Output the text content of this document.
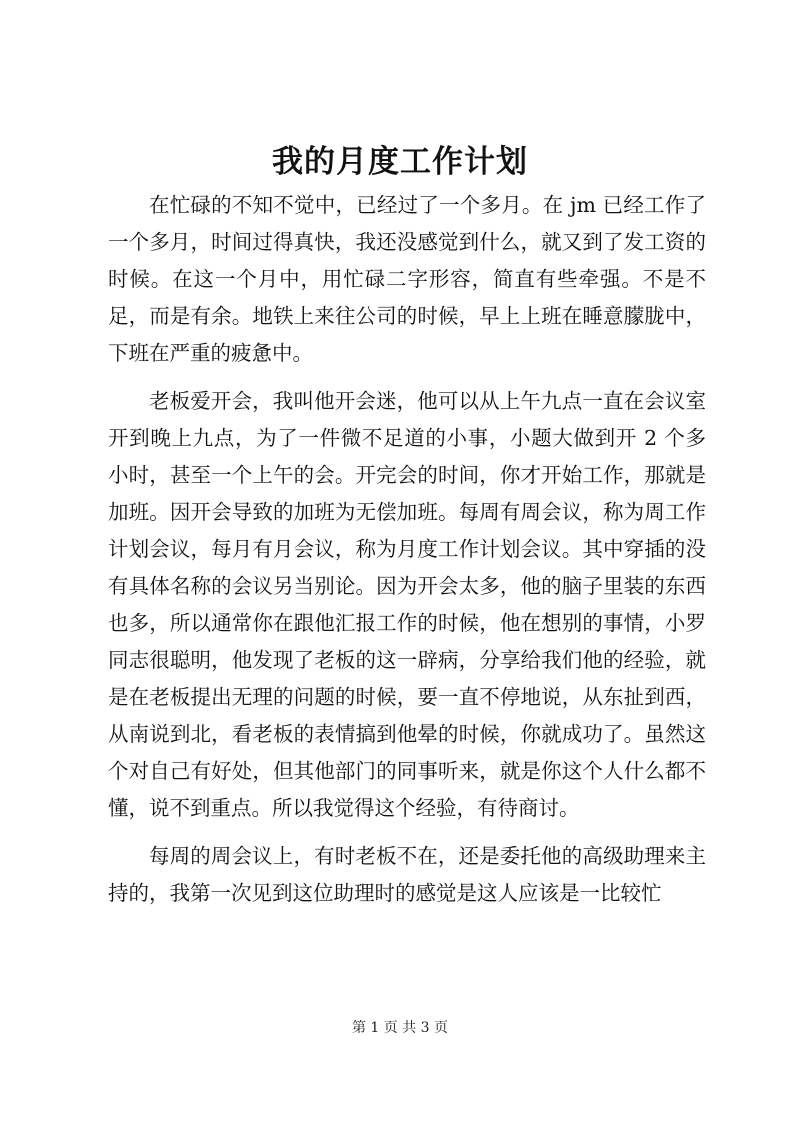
我的月度工作计划

在忙碌的不知不觉中，已经过了一个多月。在 jm 已经工作了一个多月，时间过得真快，我还没感觉到什么，就又到了发工资的时候。在这一个月中，用忙碌二字形容，简直有些牵强。不是不足，而是有余。地铁上来往公司的时候，早上上班在睡意朦胧中，下班在严重的疲惫中。

老板爱开会，我叫他开会迷，他可以从上午九点一直在会议室开到晚上九点，为了一件微不足道的小事，小题大做到开 2 个多小时，甚至一个上午的会。开完会的时间，你才开始工作，那就是加班。因开会导致的加班为无偿加班。每周有周会议，称为周工作计划会议，每月有月会议，称为月度工作计划会议。其中穿插的没有具体名称的会议另当别论。因为开会太多，他的脑子里装的东西也多，所以通常你在跟他汇报工作的时候，他在想别的事情，小罗同志很聪明，他发现了老板的这一辟病，分享给我们他的经验，就是在老板提出无理的问题的时候，要一直不停地说，从东扯到西，从南说到北，看老板的表情搞到他晕的时候，你就成功了。虽然这个对自己有好处，但其他部门的同事听来，就是你这个人什么都不懂，说不到重点。所以我觉得这个经验，有待商讨。

每周的周会议上，有时老板不在，还是委托他的高级助理来主持的，我第一次见到这位助理时的感觉是这人应该是一比较忙

第 1 页 共 3 页
